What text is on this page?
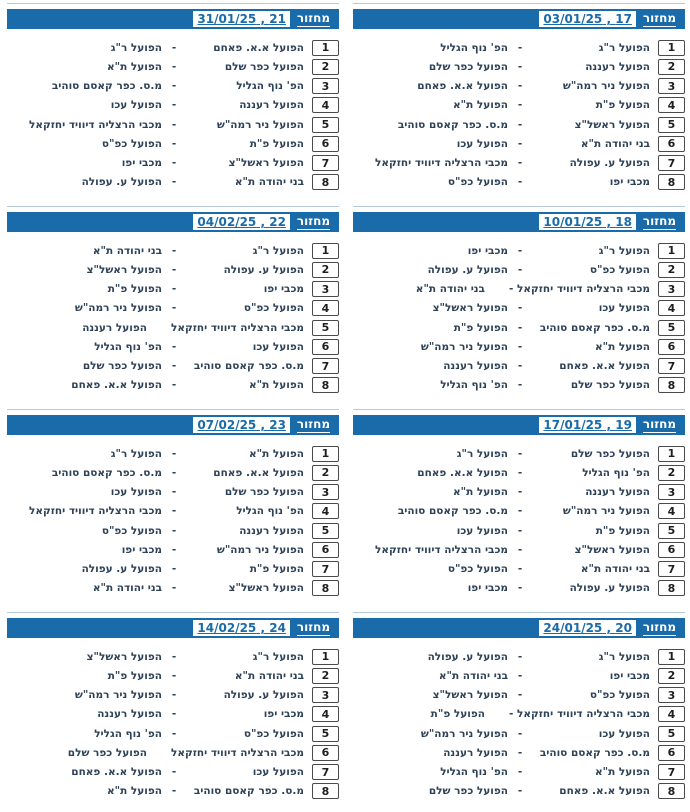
מחזור
17 , 03/01/25
1
הפועל ר"ג
-
הפ' נוף הגליל
2
הפועל רעננה
-
הפועל כפר שלם
3
הפועל ניר רמה"ש
-
הפועל א.א. פאחם
4
הפועל פ"ת
-
הפועל ת"א
5
הפועל ראשל"צ
-
מ.ס. כפר קאסם סוהיב
6
בני יהודה ת"א
-
הפועל עכו
7
הפועל ע. עפולה
-
מכבי הרצליה דיוויד יחזקאל
8
מכבי יפו
-
הפועל כפ"ס
מחזור
18 , 10/01/25
1
הפועל ר"ג
-
מכבי יפו
2
הפועל כפ"ס
-
הפועל ע. עפולה
3
מכבי הרצליה דיוויד יחזקאל -
בני יהודה ת"א
4
הפועל עכו
-
הפועל ראשל"צ
5
מ.ס. כפר קאסם סוהיב
-
הפועל פ"ת
6
הפועל ת"א
-
הפועל ניר רמה"ש
7
הפועל א.א. פאחם
-
הפועל רעננה
8
הפועל כפר שלם
-
הפ' נוף הגליל
מחזור
19 , 17/01/25
1
הפועל כפר שלם
-
הפועל ר"ג
2
הפ' נוף הגליל
-
הפועל א.א. פאחם
3
הפועל רעננה
-
הפועל ת"א
4
הפועל ניר רמה"ש
-
מ.ס. כפר קאסם סוהיב
5
הפועל פ"ת
-
הפועל עכו
6
הפועל ראשל"צ
-
מכבי הרצליה דיוויד יחזקאל
7
בני יהודה ת"א
-
הפועל כפ"ס
8
הפועל ע. עפולה
-
מכבי יפו
מחזור
20 , 24/01/25
1
הפועל ר"ג
-
הפועל ע. עפולה
2
מכבי יפו
-
בני יהודה ת"א
3
הפועל כפ"ס
-
הפועל ראשל"צ
4
מכבי הרצליה דיוויד יחזקאל -
הפועל פ"ת
5
הפועל עכו
-
הפועל ניר רמה"ש
6
מ.ס. כפר קאסם סוהיב
-
הפועל רעננה
7
הפועל ת"א
-
הפ' נוף הגליל
8
הפועל א.א. פאחם
-
הפועל כפר שלם
מחזור
21 , 31/01/25
1
הפועל א.א. פאחם
-
הפועל ר"ג
2
הפועל כפר שלם
-
הפועל ת"א
3
הפ' נוף הגליל
-
מ.ס. כפר קאסם סוהיב
4
הפועל רעננה
-
הפועל עכו
5
הפועל ניר רמה"ש
-
מכבי הרצליה דיוויד יחזקאל
6
הפועל פ"ת
-
הפועל כפ"ס
7
הפועל ראשל"צ
-
מכבי יפו
8
בני יהודה ת"א
-
הפועל ע. עפולה
מחזור
22 , 04/02/25
1
הפועל ר"ג
-
בני יהודה ת"א
2
הפועל ע. עפולה
-
הפועל ראשל"צ
3
מכבי יפו
-
הפועל פ"ת
4
הפועל כפ"ס
-
הפועל ניר רמה"ש
5
מכבי הרצליה דיוויד יחזקאל
הפועל רעננה
6
הפועל עכו
-
הפ' נוף הגליל
7
מ.ס. כפר קאסם סוהיב
-
הפועל כפר שלם
8
הפועל ת"א
-
הפועל א.א. פאחם
מחזור
23 , 07/02/25
1
הפועל ת"א
-
הפועל ר"ג
2
הפועל א.א. פאחם
-
מ.ס. כפר קאסם סוהיב
3
הפועל כפר שלם
-
הפועל עכו
4
הפ' נוף הגליל
-
מכבי הרצליה דיוויד יחזקאל
5
הפועל רעננה
-
הפועל כפ"ס
6
הפועל ניר רמה"ש
-
מכבי יפו
7
הפועל פ"ת
-
הפועל ע. עפולה
8
הפועל ראשל"צ
-
בני יהודה ת"א
מחזור
24 , 14/02/25
1
הפועל ר"ג
-
הפועל ראשל"צ
2
בני יהודה ת"א
-
הפועל פ"ת
3
הפועל ע. עפולה
-
הפועל ניר רמה"ש
4
מכבי יפו
-
הפועל רעננה
5
הפועל כפ"ס
-
הפ' נוף הגליל
6
מכבי הרצליה דיוויד יחזקאל
הפועל כפר שלם
7
הפועל עכו
-
הפועל א.א. פאחם
8
מ.ס. כפר קאסם סוהיב
-
הפועל ת"א
